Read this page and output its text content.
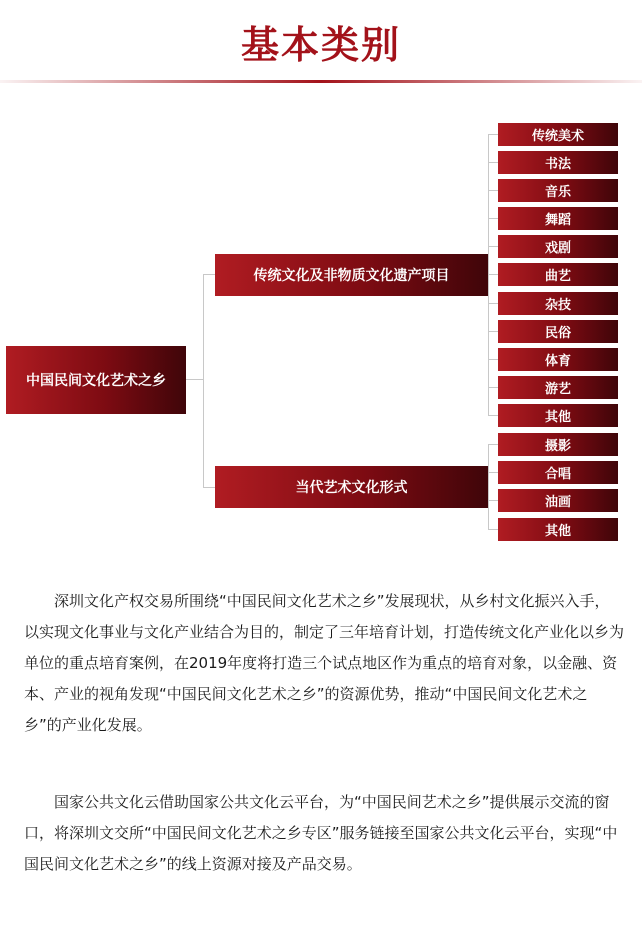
基本类别
中国民间文化艺术之乡
传统文化及非物质文化遗产项目
当代艺术文化形式
传统美术
书法
音乐
舞蹈
戏剧
曲艺
杂技
民俗
体育
游艺
其他
摄影
合唱
油画
其他

深圳文化产权交易所围绕“中国民间文化艺术之乡”发展现状，从乡村文化振兴入手，以实现文化事业与文化产业结合为目的，制定了三年培育计划，打造传统文化产业化以乡为单位的重点培育案例，在2019年度将打造三个试点地区作为重点的培育对象，以金融、资本、产业的视角发现“中国民间文化艺术之乡”的资源优势，推动“中国民间文化艺术之乡”的产业化发展。

国家公共文化云借助国家公共文化云平台，为“中国民间艺术之乡”提供展示交流的窗口，将深圳文交所“中国民间文化艺术之乡专区”服务链接至国家公共文化云平台，实现“中国民间文化艺术之乡”的线上资源对接及产品交易。
